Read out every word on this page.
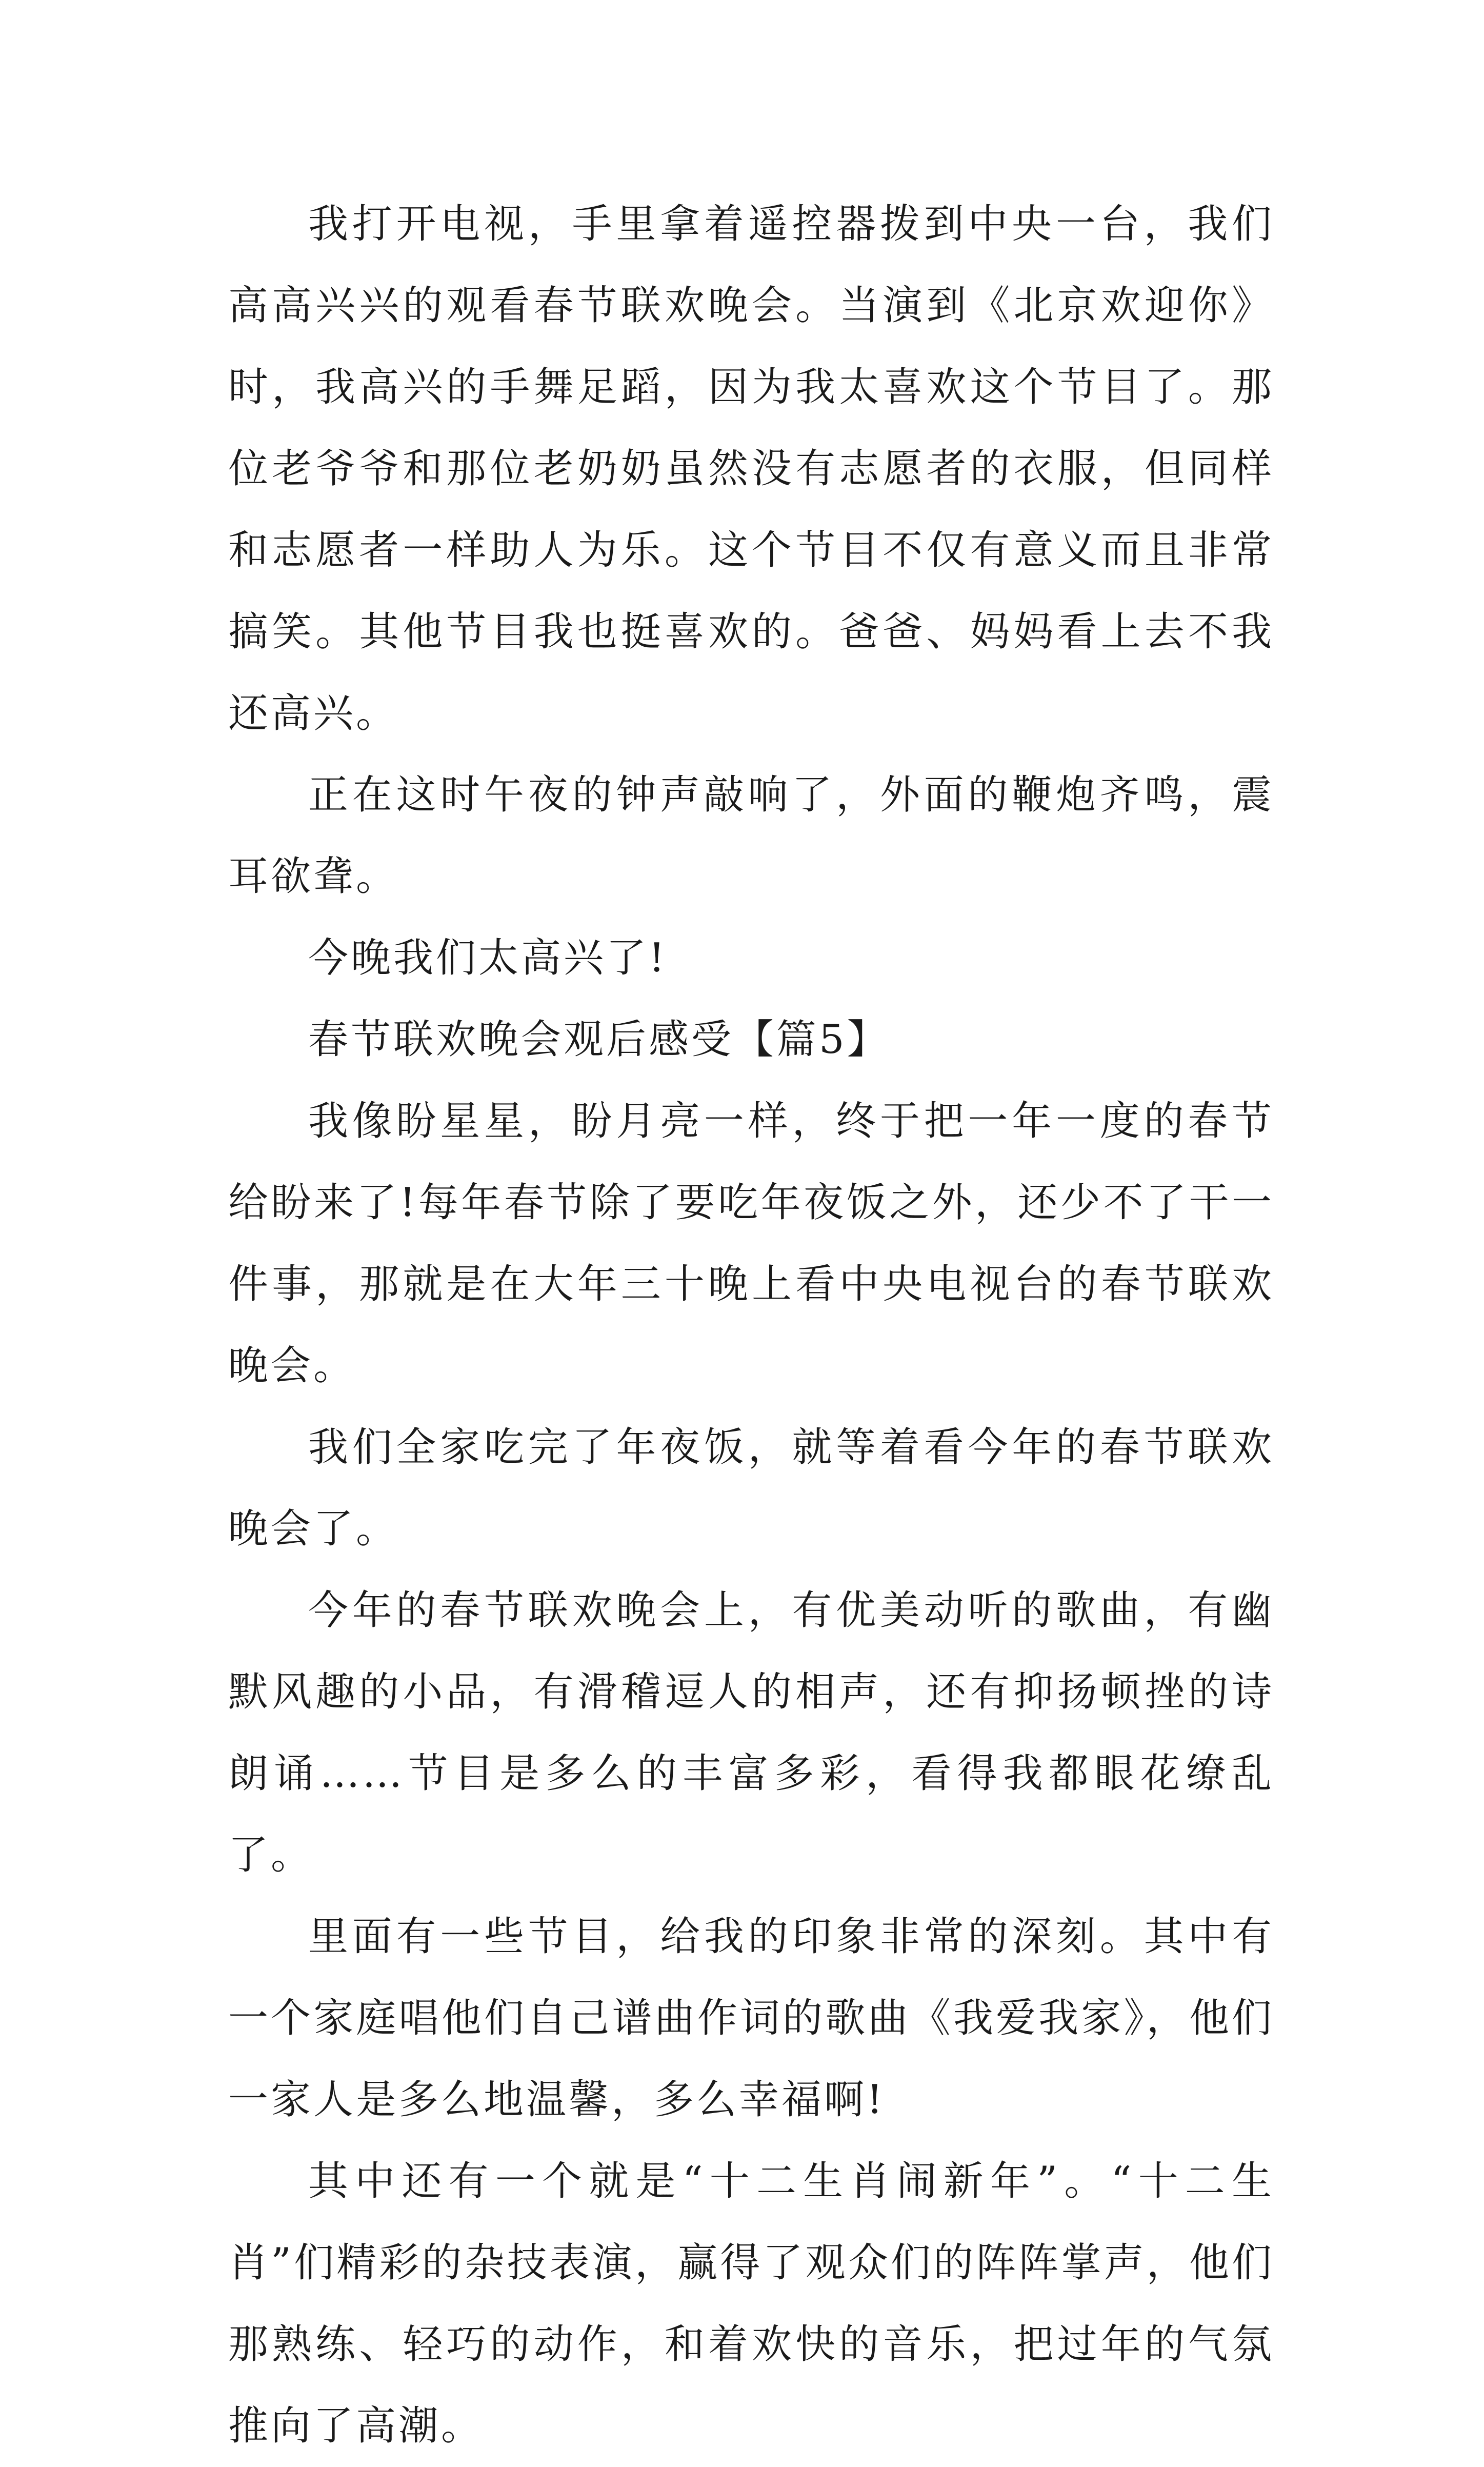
我打开电视，手里拿着遥控器拨到中央一台，我们高高兴兴的观看春节联欢晚会。当演到《北京欢迎你》时，我高兴的手舞足蹈，因为我太喜欢这个节目了。那位老爷爷和那位老奶奶虽然没有志愿者的衣服，但同样和志愿者一样助人为乐。这个节目不仅有意义而且非常搞笑。其他节目我也挺喜欢的。爸爸、妈妈看上去不我还高兴。

正在这时午夜的钟声敲响了，外面的鞭炮齐鸣，震耳欲聋。

今晚我们太高兴了!

春节联欢晚会观后感受【篇5】

我像盼星星，盼月亮一样，终于把一年一度的春节给盼来了!每年春节除了要吃年夜饭之外，还少不了干一件事，那就是在大年三十晚上看中央电视台的春节联欢晚会。

我们全家吃完了年夜饭，就等着看今年的春节联欢晚会了。

今年的春节联欢晚会上，有优美动听的歌曲，有幽默风趣的小品，有滑稽逗人的相声，还有抑扬顿挫的诗朗诵……节目是多么的丰富多彩，看得我都眼花缭乱了。

里面有一些节目，给我的印象非常的深刻。其中有一个家庭唱他们自己谱曲作词的歌曲《我爱我家》，他们一家人是多么地温馨，多么幸福啊!

其中还有一个就是“十二生肖闹新年”。“十二生肖”们精彩的杂技表演，赢得了观众们的阵阵掌声，他们那熟练、轻巧的动作，和着欢快的音乐，把过年的气氛推向了高潮。
